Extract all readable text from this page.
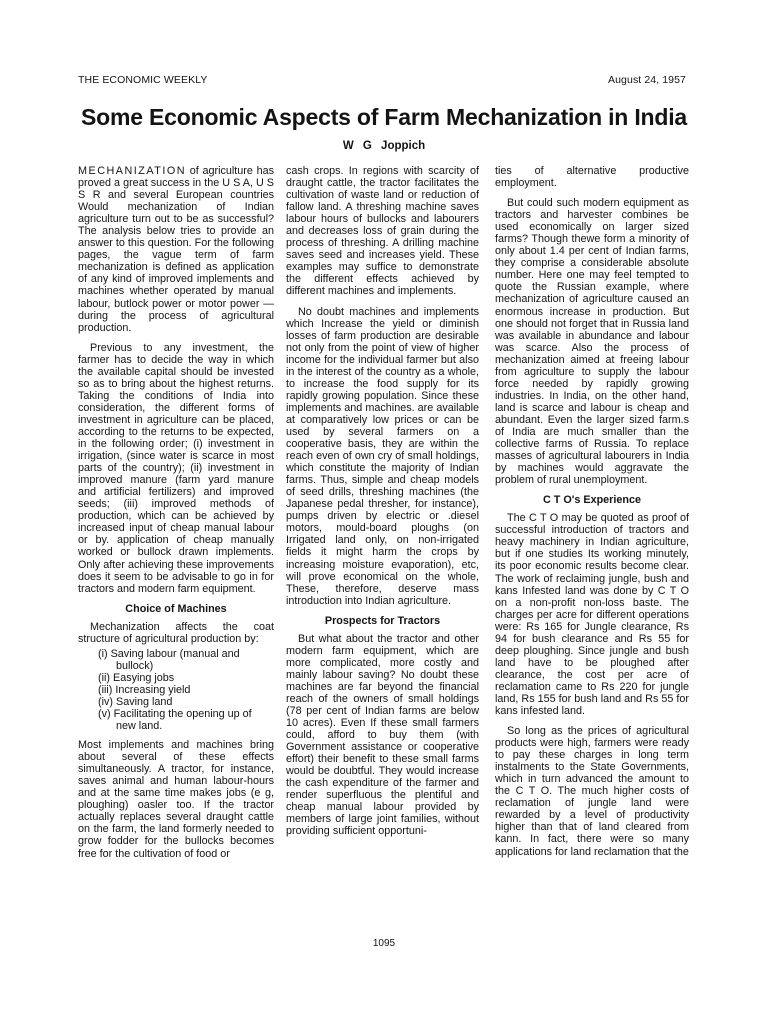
THE ECONOMIC WEEKLY	August 24, 1957
Some Economic Aspects of Farm Mechanization in India
W G Joppich

MECHANIZATION of agriculture has proved a great success in the U S A, U S S R and several European countries Would mechanization of Indian agriculture turn out to be as successful? The analysis below tries to provide an answer to this question. For the following pages, the vague term of farm mechanization is defined as application of any kind of improved implements and machines whether operated by manual labour, butlock power or motor power — during the process of agricultural production.

Previous to any investment, the farmer has to decide the way in which the available capital should be invested so as to bring about the highest returns. Taking the conditions of India into consideration, the different forms of investment in agriculture can be placed, according to the returns to be expected, in the following order; (i) investment in irrigation, (since water is scarce in most parts of the country); (ii) investment in improved manure (farm yard manure and artificial fertilizers) and improved seeds; (iii) improved methods of production, which can be achieved by increased input of cheap manual labour or by. application of cheap manually worked or bullock drawn implements. Only after achieving these improvements does it seem to be advisable to go in for tractors and modern farm equipment.

Choice of Machines

Mechanization affects the coat structure of agricultural production by:

(i) Saving labour (manual and bullock)
(ii) Easying jobs
(iii) Increasing yield
(iv) Saving land
(v) Facilitating the opening up of new land.

Most implements and machines bring about several of these effects simultaneously. A tractor, for instance, saves animal and human labour-hours and at the same time makes jobs (e g, ploughing) oasler too. If the tractor actually replaces several draught cattle on the farm, the land formerly needed to grow fodder for the bullocks becomes free for the cultivation of food or

cash crops. In regions with scarcity of draught cattle, the tractor facilitates the cultivation of waste land or reduction of fallow land. A threshing machine saves labour hours of bullocks and labourers and decreases loss of grain during the process of threshing. A drilling machine saves seed and increases yield. These examples may suffice to demonstrate the different effects achieved by different machines and implements.

No doubt machines and implements which Increase the yield or diminish losses of farm production are desirable not only from the point of view of higher income for the individual farmer but also in the interest of the country as a whole, to increase the food supply for its rapidly growing population. Since these implements and machines. are available at comparatively low prices or can be used by several farmers on a cooperative basis, they are within the reach even of own cry of small holdings, which constitute the majority of Indian farms. Thus, simple and cheap models of seed drills, threshing machines (the Japanese pedal thresher, for instance), pumps driven by electric or .diesel motors, mould-board ploughs (on Irrigated land only, on non-irrigated fields it might harm the crops by increasing moisture evaporation), etc, will prove economical on the whole, These, therefore, deserve mass introduction into Indian agriculture.

Prospects for Tractors

But what about the tractor and other modern farm equipment, which are more complicated, more costly and mainly labour saving? No doubt these machines are far beyond the financial reach of the owners of small holdings (78 per cent of Indian farms are below 10 acres). Even If these small farmers could, afford to buy them (with Government assistance or cooperative effort) their benefit to these small farms would be doubtful. They would increase the cash expenditure of the farmer and render superfluous the plentiful and cheap manual labour provided by members of large joint families, without providing sufficient opportuni-

ties of alternative productive employment.

But could such modern equipment as tractors and harvester combines be used economically on larger sized farms? Though thewe form a minority of only about 1.4 per cent of Indian farms, they comprise a considerable absolute number. Here one may feel tempted to quote the Russian example, where mechanization of agriculture caused an enormous increase in production. But one should not forget that in Russia land was available in abundance and labour was scarce. Also the process of mechanization aimed at freeing labour from agriculture to supply the labour force needed by rapidly growing industries. In India, on the other hand, land is scarce and labour is cheap and abundant. Even the larger sized farm.s of India are much smaller than the collective farms of Russia. To replace masses of agricultural labourers in India by machines would aggravate the problem of rural unemployment.

C T O's Experience

The C T O may be quoted as proof of successful introduction of tractors and heavy machinery in Indian agriculture, but if one studies Its working minutely, its poor economic results become clear. The work of reclaiming jungle, bush and kans Infested land was done by C T O on a non-profit non-loss baste. The charges per acre for different operations were: Rs 165 for Jungle clearance, Rs 94 for bush clearance and Rs 55 for deep ploughing. Since jungle and bush land have to be ploughed after clearance, the cost per acre of reclamation came to Rs 220 for jungle land, Rs 155 for bush land and Rs 55 for kans infested land.

So long as the prices of agricultural products were high, farmers were ready to pay these charges in long term instalments to the State Governments, which in turn advanced the amount to the C T O. The much higher costs of reclamation of jungle land were rewarded by a level of productivity higher than that of land cleared from kann. In fact, there were so many applications for land reclamation that the

1095
